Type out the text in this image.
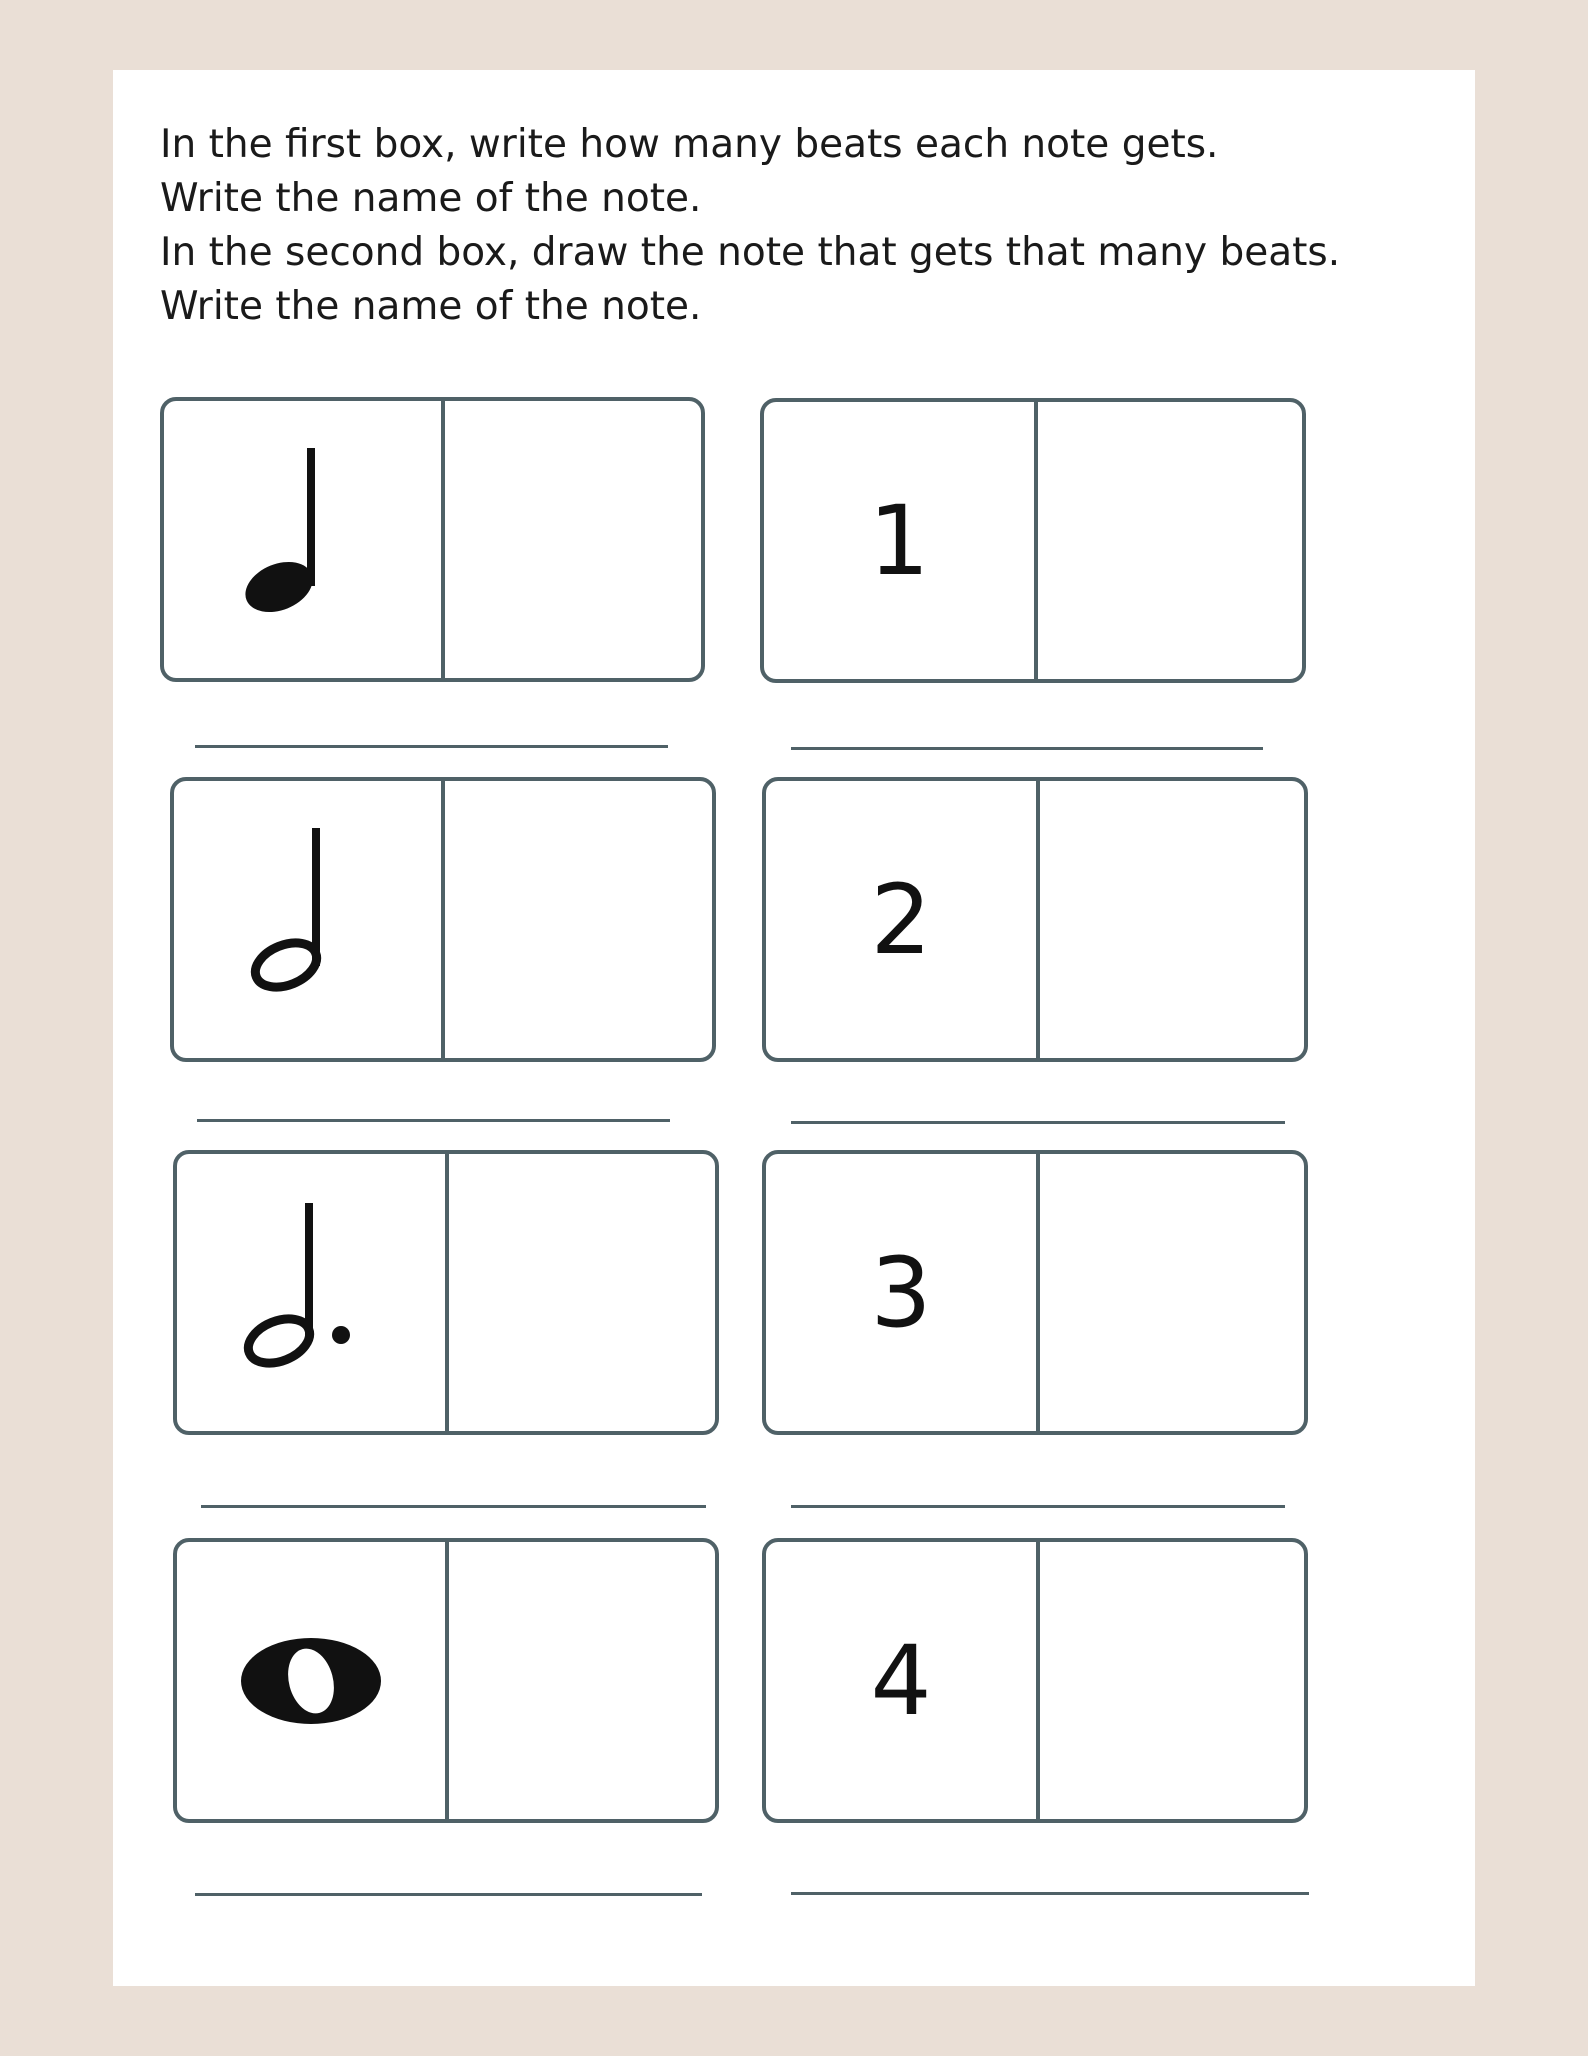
In the first box, write how many beats each note gets.
Write the name of the note.
In the second box, draw the note that gets that many beats.
Write the name of the note.
1
2
3
4
